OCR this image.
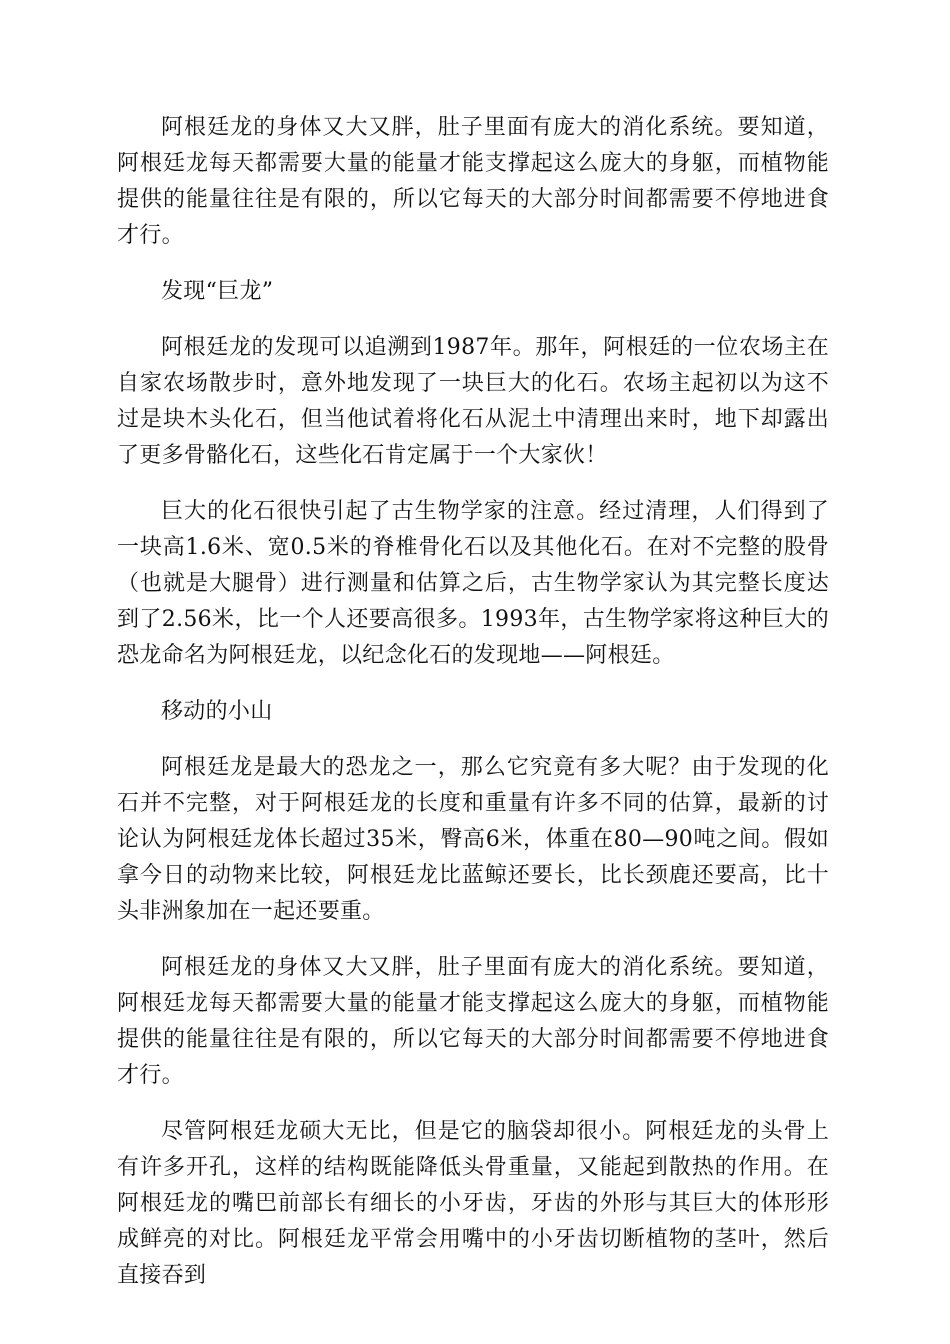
阿根廷龙的身体又大又胖，肚子里面有庞大的消化系统。要知道，阿根廷龙每天都需要大量的能量才能支撑起这么庞大的身躯，而植物能提供的能量往往是有限的，所以它每天的大部分时间都需要不停地进食才行。

发现“巨龙”

阿根廷龙的发现可以追溯到1987年。那年，阿根廷的一位农场主在自家农场散步时，意外地发现了一块巨大的化石。农场主起初以为这不过是块木头化石，但当他试着将化石从泥土中清理出来时，地下却露出了更多骨骼化石，这些化石肯定属于一个大家伙！

巨大的化石很快引起了古生物学家的注意。经过清理，人们得到了一块高1.6米、宽0.5米的脊椎骨化石以及其他化石。在对不完整的股骨（也就是大腿骨）进行测量和估算之后，古生物学家认为其完整长度达到了2.56米，比一个人还要高很多。1993年，古生物学家将这种巨大的恐龙命名为阿根廷龙，以纪念化石的发现地——阿根廷。

移动的小山

阿根廷龙是最大的恐龙之一，那么它究竟有多大呢？由于发现的化石并不完整，对于阿根廷龙的长度和重量有许多不同的估算，最新的讨论认为阿根廷龙体长超过35米，臀高6米，体重在80—90吨之间。假如拿今日的动物来比较，阿根廷龙比蓝鲸还要长，比长颈鹿还要高，比十头非洲象加在一起还要重。

阿根廷龙的身体又大又胖，肚子里面有庞大的消化系统。要知道，阿根廷龙每天都需要大量的能量才能支撑起这么庞大的身躯，而植物能提供的能量往往是有限的，所以它每天的大部分时间都需要不停地进食才行。

尽管阿根廷龙硕大无比，但是它的脑袋却很小。阿根廷龙的头骨上有许多开孔，这样的结构既能降低头骨重量，又能起到散热的作用。在阿根廷龙的嘴巴前部长有细长的小牙齿，牙齿的外形与其巨大的体形形成鲜亮的对比。阿根廷龙平常会用嘴中的小牙齿切断植物的茎叶，然后直接吞到
